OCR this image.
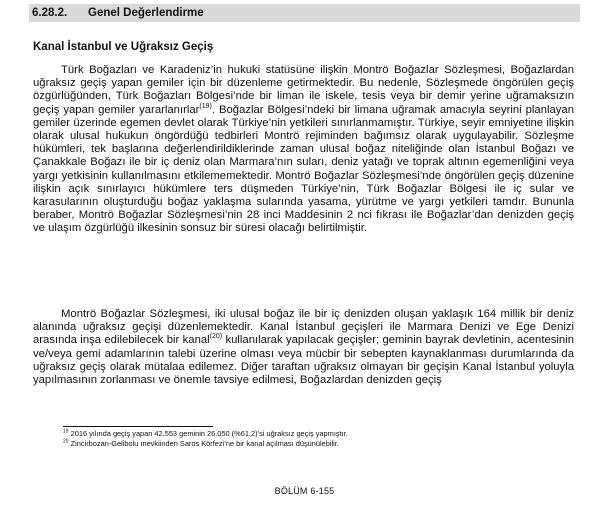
6.28.2. Genel Değerlendirme
Kanal İstanbul ve Uğraksız Geçiş

Türk Boğazları ve Karadeniz’in hukuki statüsüne ilişkin Montrö Boğazlar Sözleşmesi, Boğazlardan uğraksız geçiş yapan gemiler için bir düzenleme getirmektedir. Bu nedenle, Sözleşmede öngörülen geçiş özgürlüğünden, Türk Boğazları Bölgesi’nde bir liman ile iskele, tesis veya bir demir yerine uğramaksızın geçiş yapan gemiler yararlanırlar$^{(19)}$. Boğazlar Bölgesi’ndeki bir limana uğramak amacıyla seyrini planlayan gemiler üzerinde egemen devlet olarak Türkiye’nin yetkileri sınırlanmamıştır. Türkiye, seyir emniyetine ilişkin olarak ulusal hukukun öngördüğü tedbirleri Montrö rejiminden bağımsız olarak uygulayabilir. Sözleşme hükümleri, tek başlarına değerlendirildiklerinde zaman ulusal boğaz niteliğinde olan İstanbul Boğazı ve Çanakkale Boğazı ile bir iç deniz olan Marmara’nın suları, deniz yatağı ve toprak altının egemenliğini veya yargı yetkisinin kullanılmasını etkilememektedir. Montrö Boğazlar Sözleşmesi’nde öngörülen geçiş düzenine ilişkin açık sınırlayıcı hükümlere ters düşmeden Türkiye’nin, Türk Boğazlar Bölgesi ile iç sular ve karasularının oluşturduğu boğaz yaklaşma sularında yasama, yürütme ve yargı yetkileri tamdır. Bununla beraber, Montrö Boğazlar Sözleşmesi’nin 28 inci Maddesinin 2 nci fıkrası ile Boğazlar’dan denizden geçiş ve ulaşım özgürlüğü ilkesinin sonsuz bir süresi olacağı belirtilmiştir.

Montrö Boğazlar Sözleşmesi, iki ulusal boğaz ile bir iç denizden oluşan yaklaşık 164 millik bir deniz alanında uğraksız geçişi düzenlemektedir. Kanal İstanbul geçişleri ile Marmara Denizi ve Ege Denizi arasında inşa edilebilecek bir kanal$^{(20)}$ kullanılarak yapılacak geçişler; geminin bayrak devletinin, acentesinin ve/veya gemi adamlarının talebi üzerine olması veya mücbir bir sebepten kaynaklanması durumlarında da uğraksız geçiş olarak mütalaa edilemez. Diğer taraftan uğraksız olmayan bir geçişin Kanal İstanbul yoluyla yapılmasının zorlanması ve önemle tavsiye edilmesi, Boğazlardan denizden geçiş

$^{19}$ 2016 yılında geçiş yapan 42.553 geminin 26.050 (%61,2)’si uğraksız geçiş yapmıştır.
$^{20}$ Zincirbozan-Gelibolu mevkiinden Saros Körfezi’ne bir kanal açılması düşünülebilir.
BÖLÜM 6-155
